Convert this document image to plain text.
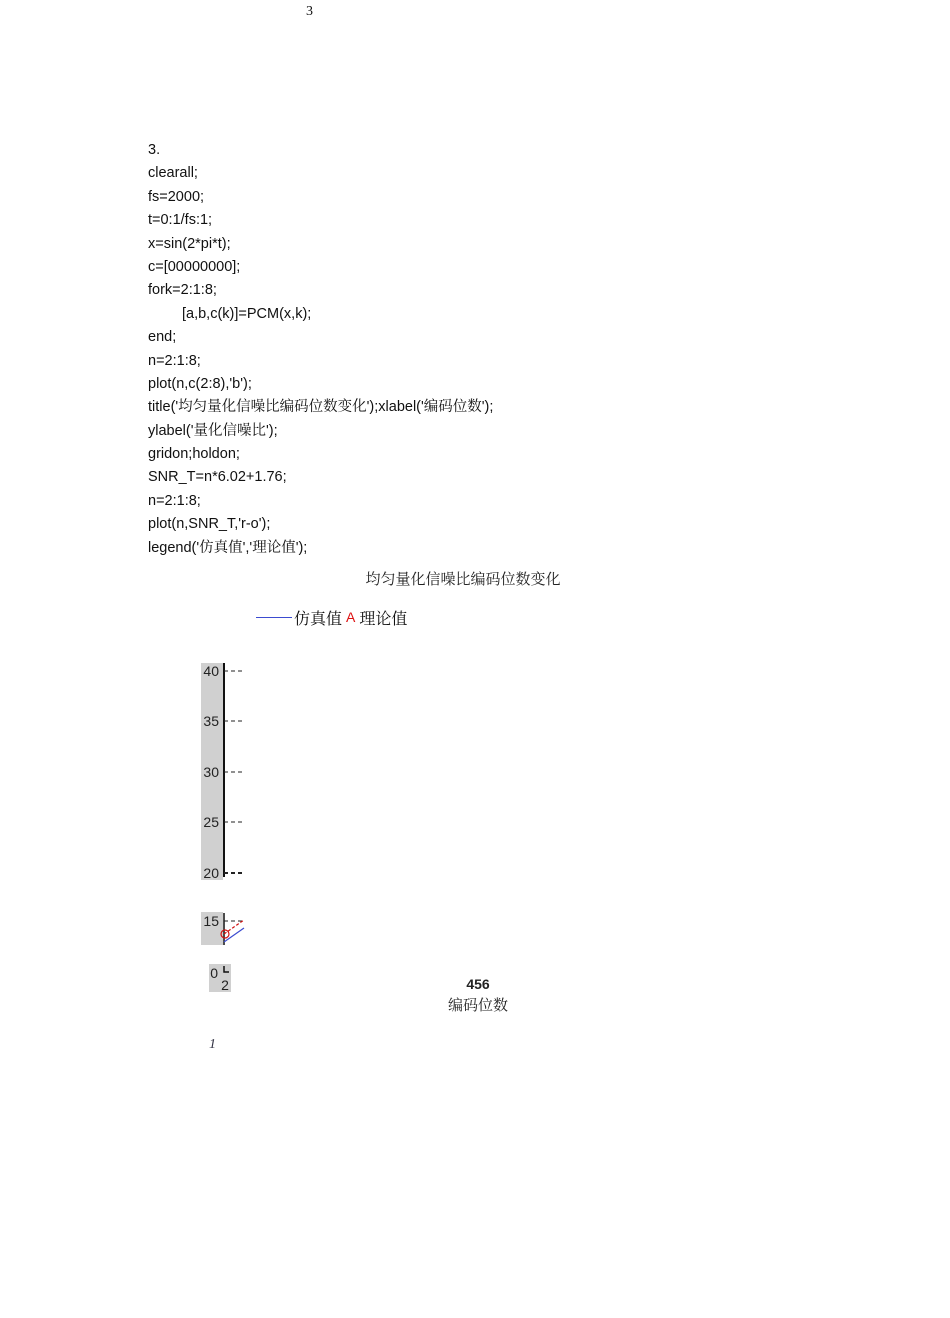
3
3.
clearall;
fs=2000;
t=0:1/fs:1;
x=sin(2*pi*t);
c=[00000000];
fork=2:1:8;
[a,b,c(k)]=PCM(x,k);
end;
n=2:1:8;
plot(n,c(2:8),'b');
title('均匀量化信噪比编码位数变化');xlabel('编码位数');
ylabel('量化信噪比');
gridon;holdon;
SNR_T=n*6.02+1.76;
n=2:1:8;
plot(n,SNR_T,'r-o');
legend('仿真值','理论值');
均匀量化信噪比编码位数变化
仿真值 A 理论值
40
35
30
25
20
15
0
2	456
编码位数
1
